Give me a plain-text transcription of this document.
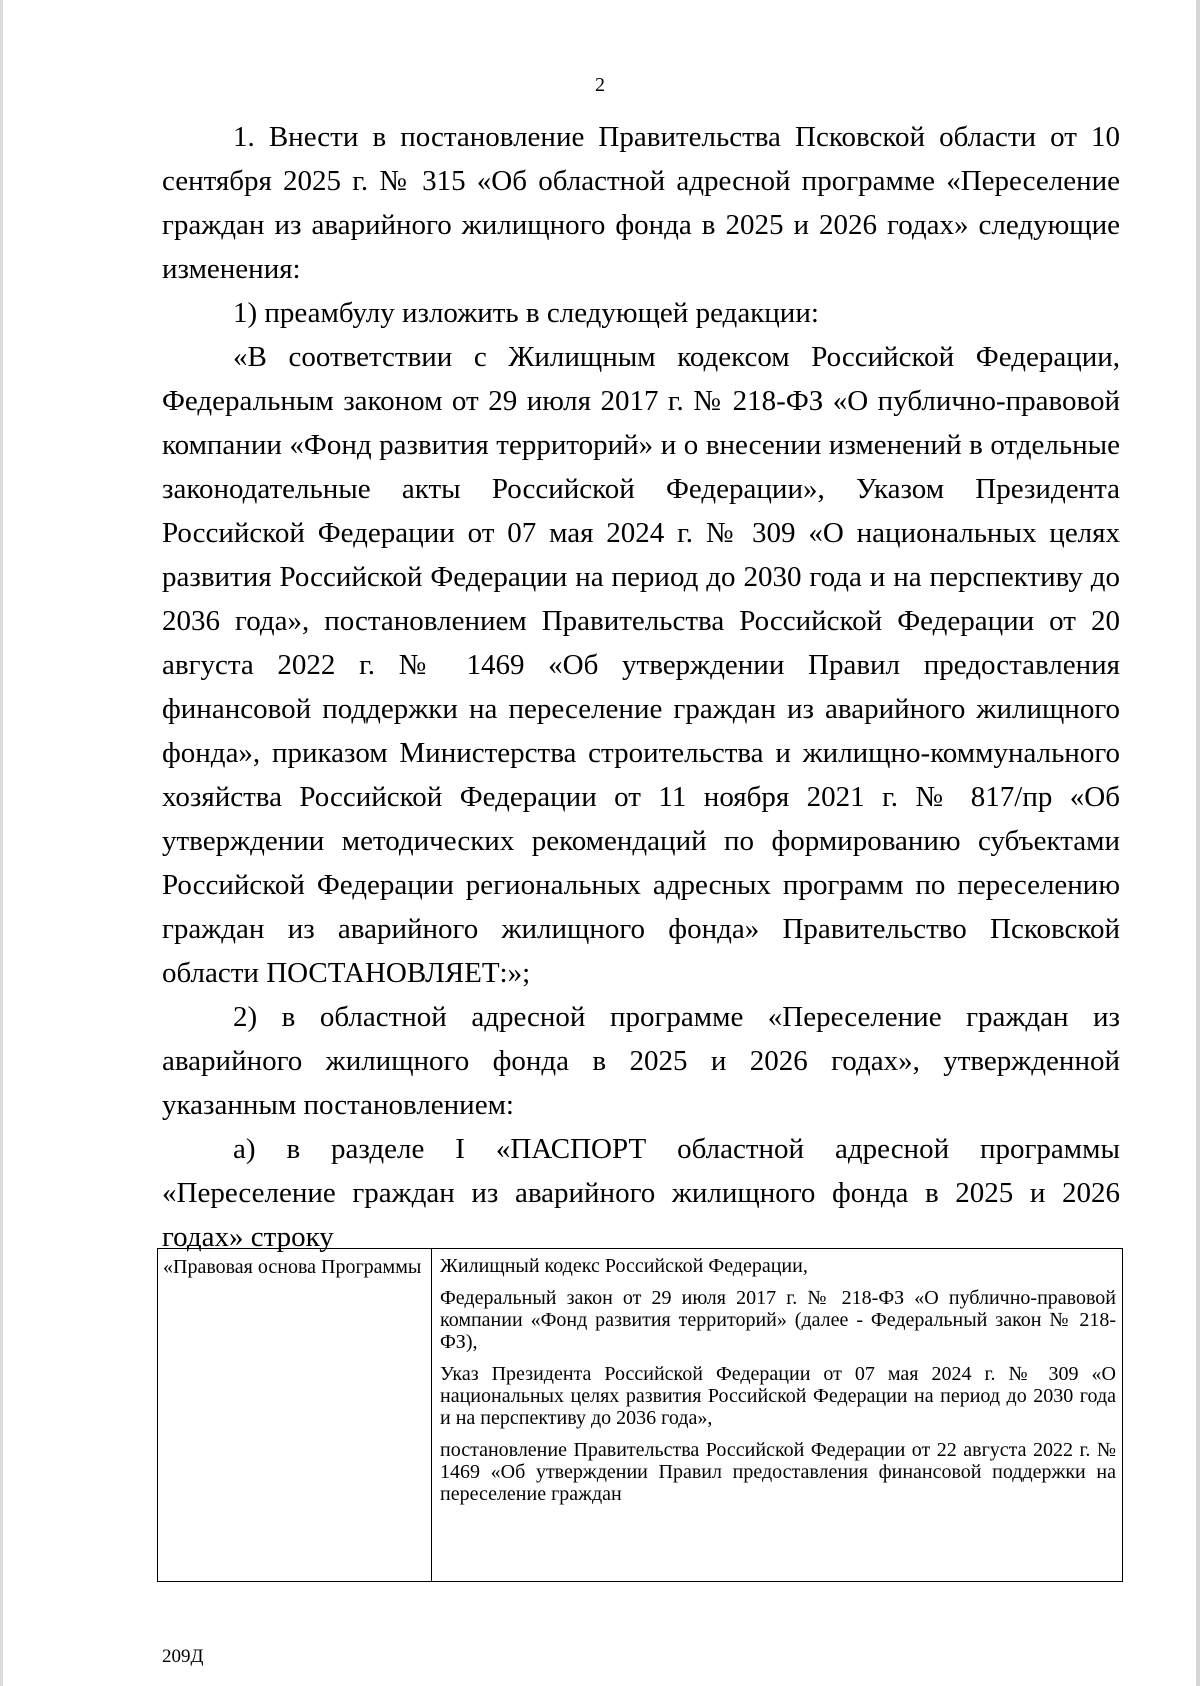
2

1. Внести в постановление Правительства Псковской области от 10 сентября 2025 г. № 315 «Об областной адресной программе «Переселение граждан из аварийного жилищного фонда в 2025 и 2026 годах» следующие изменения:

1) преамбулу изложить в следующей редакции:

«В соответствии с Жилищным кодексом Российской Федерации, Федеральным законом от 29 июля 2017 г. № 218-ФЗ «О публично-правовой компании «Фонд развития территорий» и о внесении изменений в отдельные законодательные акты Российской Федерации», Указом Президента Российской Федерации от 07 мая 2024 г. № 309 «О национальных целях развития Российской Федерации на период до 2030 года и на перспективу до 2036 года», постановлением Правительства Российской Федерации от 20 августа 2022 г. № 1469 «Об утверждении Правил предоставления финансовой поддержки на переселение граждан из аварийного жилищного фонда», приказом Министерства строительства и жилищно-коммунального хозяйства Российской Федерации от 11 ноября 2021 г. № 817/пр «Об утверждении методических рекомендаций по формированию субъектами Российской Федерации региональных адресных программ по переселению граждан из аварийного жилищного фонда» Правительство Псковской области ПОСТАНОВЛЯЕТ:»;

2) в областной адресной программе «Переселение граждан из аварийного жилищного фонда в 2025 и 2026 годах», утвержденной указанным постановлением:

а) в разделе I «ПАСПОРТ областной адресной программы «Переселение граждан из аварийного жилищного фонда в 2025 и 2026 годах» строку

«Правовая основа Программы Жилищный кодекс Российской Федерации,

Федеральный закон от 29 июля 2017 г. № 218-ФЗ «О публично-правовой компании «Фонд развития территорий» (далее - Федеральный закон № 218-ФЗ),

Указ Президента Российской Федерации от 07 мая 2024 г. № 309 «О национальных целях развития Российской Федерации на период до 2030 года и на перспективу до 2036 года»,

постановление Правительства Российской Федерации от 22 августа 2022 г. № 1469 «Об утверждении Правил предоставления финансовой поддержки на переселение граждан

209Д
